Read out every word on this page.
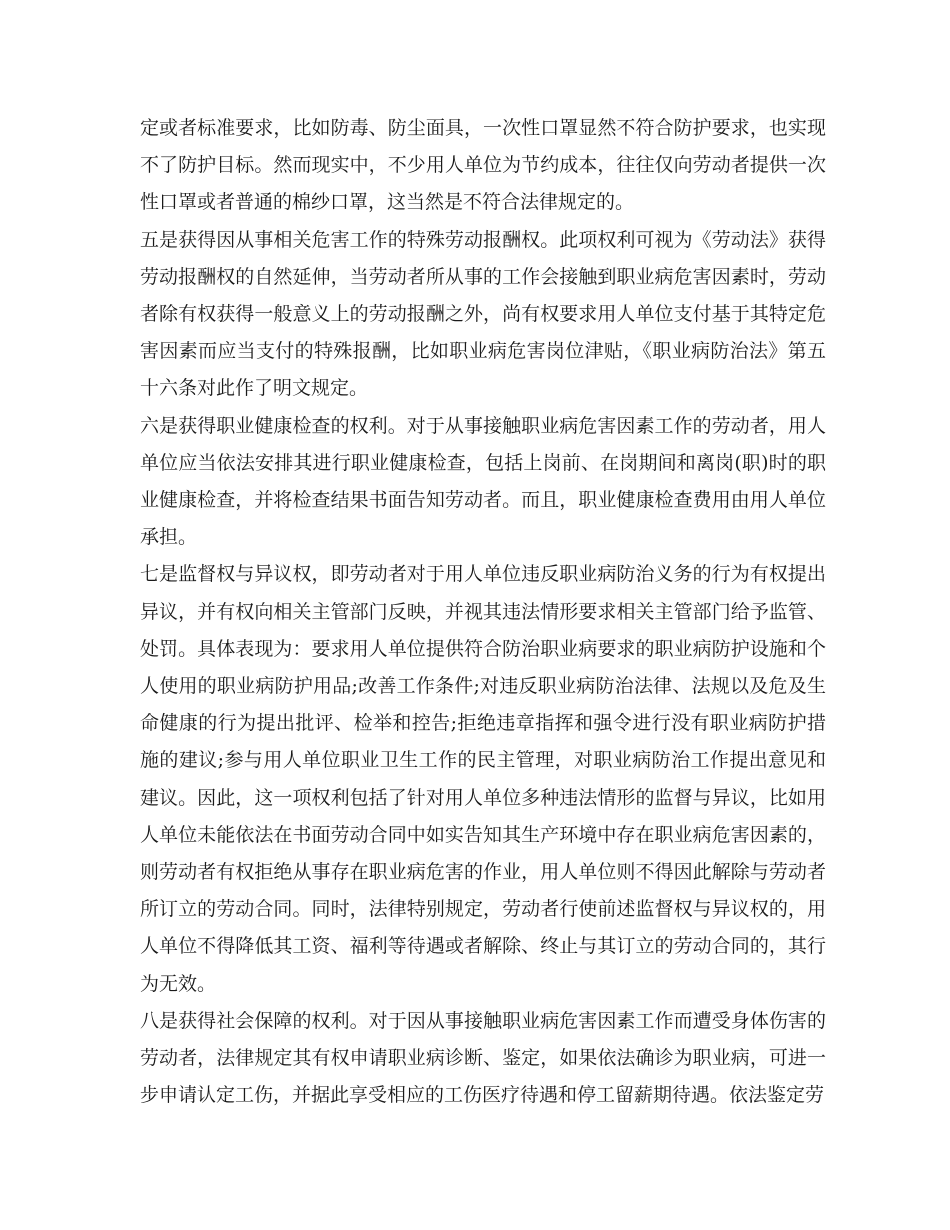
定或者标准要求，比如防毒、防尘面具，一次性口罩显然不符合防护要求，也实现不了防护目标。然而现实中，不少用人单位为节约成本，往往仅向劳动者提供一次性口罩或者普通的棉纱口罩，这当然是不符合法律规定的。

五是获得因从事相关危害工作的特殊劳动报酬权。此项权利可视为《劳动法》获得劳动报酬权的自然延伸，当劳动者所从事的工作会接触到职业病危害因素时，劳动者除有权获得一般意义上的劳动报酬之外，尚有权要求用人单位支付基于其特定危害因素而应当支付的特殊报酬，比如职业病危害岗位津贴，《职业病防治法》第五十六条对此作了明文规定。

六是获得职业健康检查的权利。对于从事接触职业病危害因素工作的劳动者，用人单位应当依法安排其进行职业健康检查，包括上岗前、在岗期间和离岗(职)时的职业健康检查，并将检查结果书面告知劳动者。而且，职业健康检查费用由用人单位承担。

七是监督权与异议权，即劳动者对于用人单位违反职业病防治义务的行为有权提出异议，并有权向相关主管部门反映，并视其违法情形要求相关主管部门给予监管、处罚。具体表现为：要求用人单位提供符合防治职业病要求的职业病防护设施和个人使用的职业病防护用品;改善工作条件;对违反职业病防治法律、法规以及危及生命健康的行为提出批评、检举和控告;拒绝违章指挥和强令进行没有职业病防护措施的建议;参与用人单位职业卫生工作的民主管理，对职业病防治工作提出意见和建议。因此，这一项权利包括了针对用人单位多种违法情形的监督与异议，比如用人单位未能依法在书面劳动合同中如实告知其生产环境中存在职业病危害因素的，则劳动者有权拒绝从事存在职业病危害的作业，用人单位则不得因此解除与劳动者所订立的劳动合同。同时，法律特别规定，劳动者行使前述监督权与异议权的，用人单位不得降低其工资、福利等待遇或者解除、终止与其订立的劳动合同的，其行为无效。

八是获得社会保障的权利。对于因从事接触职业病危害因素工作而遭受身体伤害的劳动者，法律规定其有权申请职业病诊断、鉴定，如果依法确诊为职业病，可进一步申请认定工伤，并据此享受相应的工伤医疗待遇和停工留薪期待遇。依法鉴定劳
